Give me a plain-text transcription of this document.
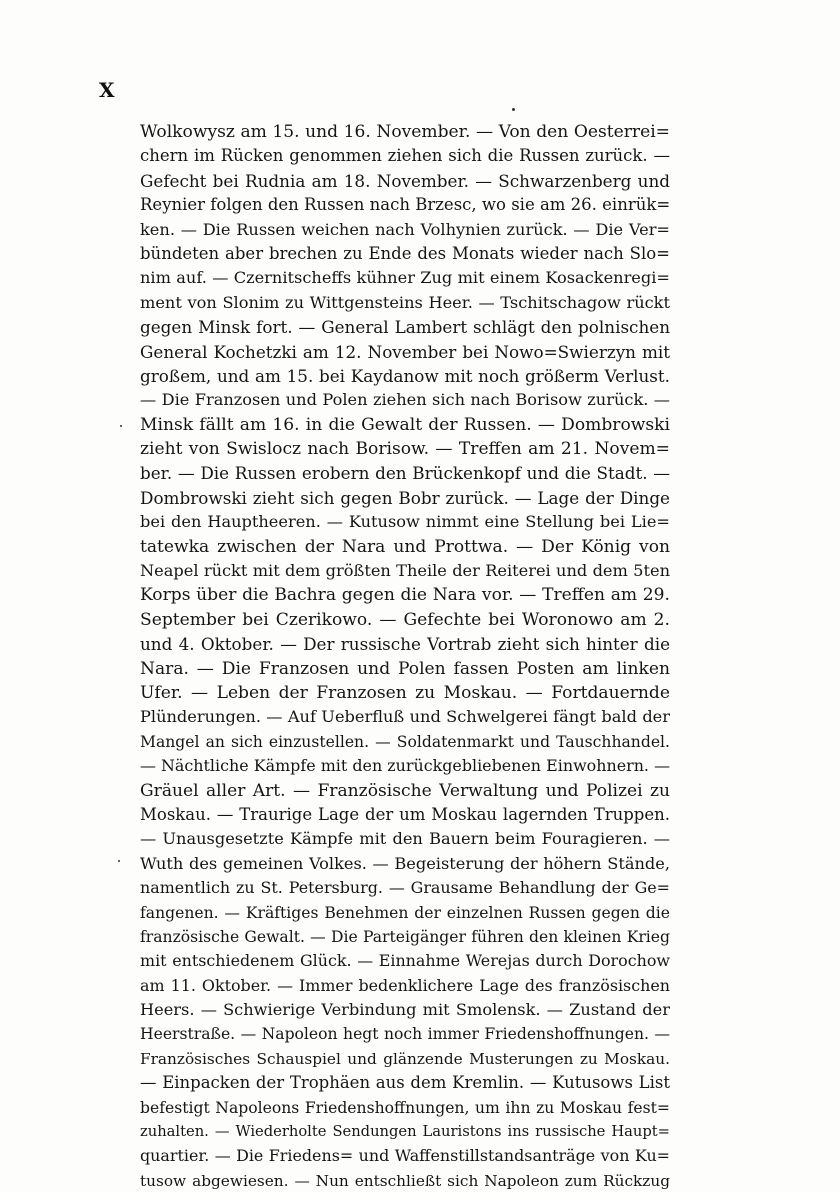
X
Wolkowysz am 15. und 16. November. — Von den Oesterrei=
chern im Rücken genommen ziehen sich die Russen zurück. —
Gefecht bei Rudnia am 18. November. — Schwarzenberg und
Reynier folgen den Russen nach Brzesc, wo sie am 26. einrük=
ken. — Die Russen weichen nach Volhynien zurück. — Die Ver=
bündeten aber brechen zu Ende des Monats wieder nach Slo=
nim auf. — Czernitscheffs kühner Zug mit einem Kosackenregi=
ment von Slonim zu Wittgensteins Heer. — Tschitschagow rückt
gegen Minsk fort. — General Lambert schlägt den polnischen
General Kochetzki am 12. November bei Nowo=Swierzyn mit
großem, und am 15. bei Kaydanow mit noch größerm Verlust.
— Die Franzosen und Polen ziehen sich nach Borisow zurück. —
Minsk fällt am 16. in die Gewalt der Russen. — Dombrowski
zieht von Swislocz nach Borisow. — Treffen am 21. Novem=
ber. — Die Russen erobern den Brückenkopf und die Stadt. —
Dombrowski zieht sich gegen Bobr zurück. — Lage der Dinge
bei den Hauptheeren. — Kutusow nimmt eine Stellung bei Lie=
tatewka zwischen der Nara und Prottwa. — Der König von
Neapel rückt mit dem größten Theile der Reiterei und dem 5ten
Korps über die Bachra gegen die Nara vor. — Treffen am 29.
September bei Czerikowo. — Gefechte bei Woronowo am 2.
und 4. Oktober. — Der russische Vortrab zieht sich hinter die
Nara. — Die Franzosen und Polen fassen Posten am linken
Ufer. — Leben der Franzosen zu Moskau. — Fortdauernde
Plünderungen. — Auf Ueberfluß und Schwelgerei fängt bald der
Mangel an sich einzustellen. — Soldatenmarkt und Tauschhandel.
— Nächtliche Kämpfe mit den zurückgebliebenen Einwohnern. —
Gräuel aller Art. — Französische Verwaltung und Polizei zu
Moskau. — Traurige Lage der um Moskau lagernden Truppen.
— Unausgesetzte Kämpfe mit den Bauern beim Fouragieren. —
Wuth des gemeinen Volkes. — Begeisterung der höhern Stände,
namentlich zu St. Petersburg. — Grausame Behandlung der Ge=
fangenen. — Kräftiges Benehmen der einzelnen Russen gegen die
französische Gewalt. — Die Parteigänger führen den kleinen Krieg
mit entschiedenem Glück. — Einnahme Werejas durch Dorochow
am 11. Oktober. — Immer bedenklichere Lage des französischen
Heers. — Schwierige Verbindung mit Smolensk. — Zustand der
Heerstraße. — Napoleon hegt noch immer Friedenshoffnungen. —
Französisches Schauspiel und glänzende Musterungen zu Moskau.
— Einpacken der Trophäen aus dem Kremlin. — Kutusows List
befestigt Napoleons Friedenshoffnungen, um ihn zu Moskau fest=
zuhalten. — Wiederholte Sendungen Lauristons ins russische Haupt=
quartier. — Die Friedens= und Waffenstillstandsanträge von Ku=
tusow abgewiesen. — Nun entschließt sich Napoleon zum Rückzug
